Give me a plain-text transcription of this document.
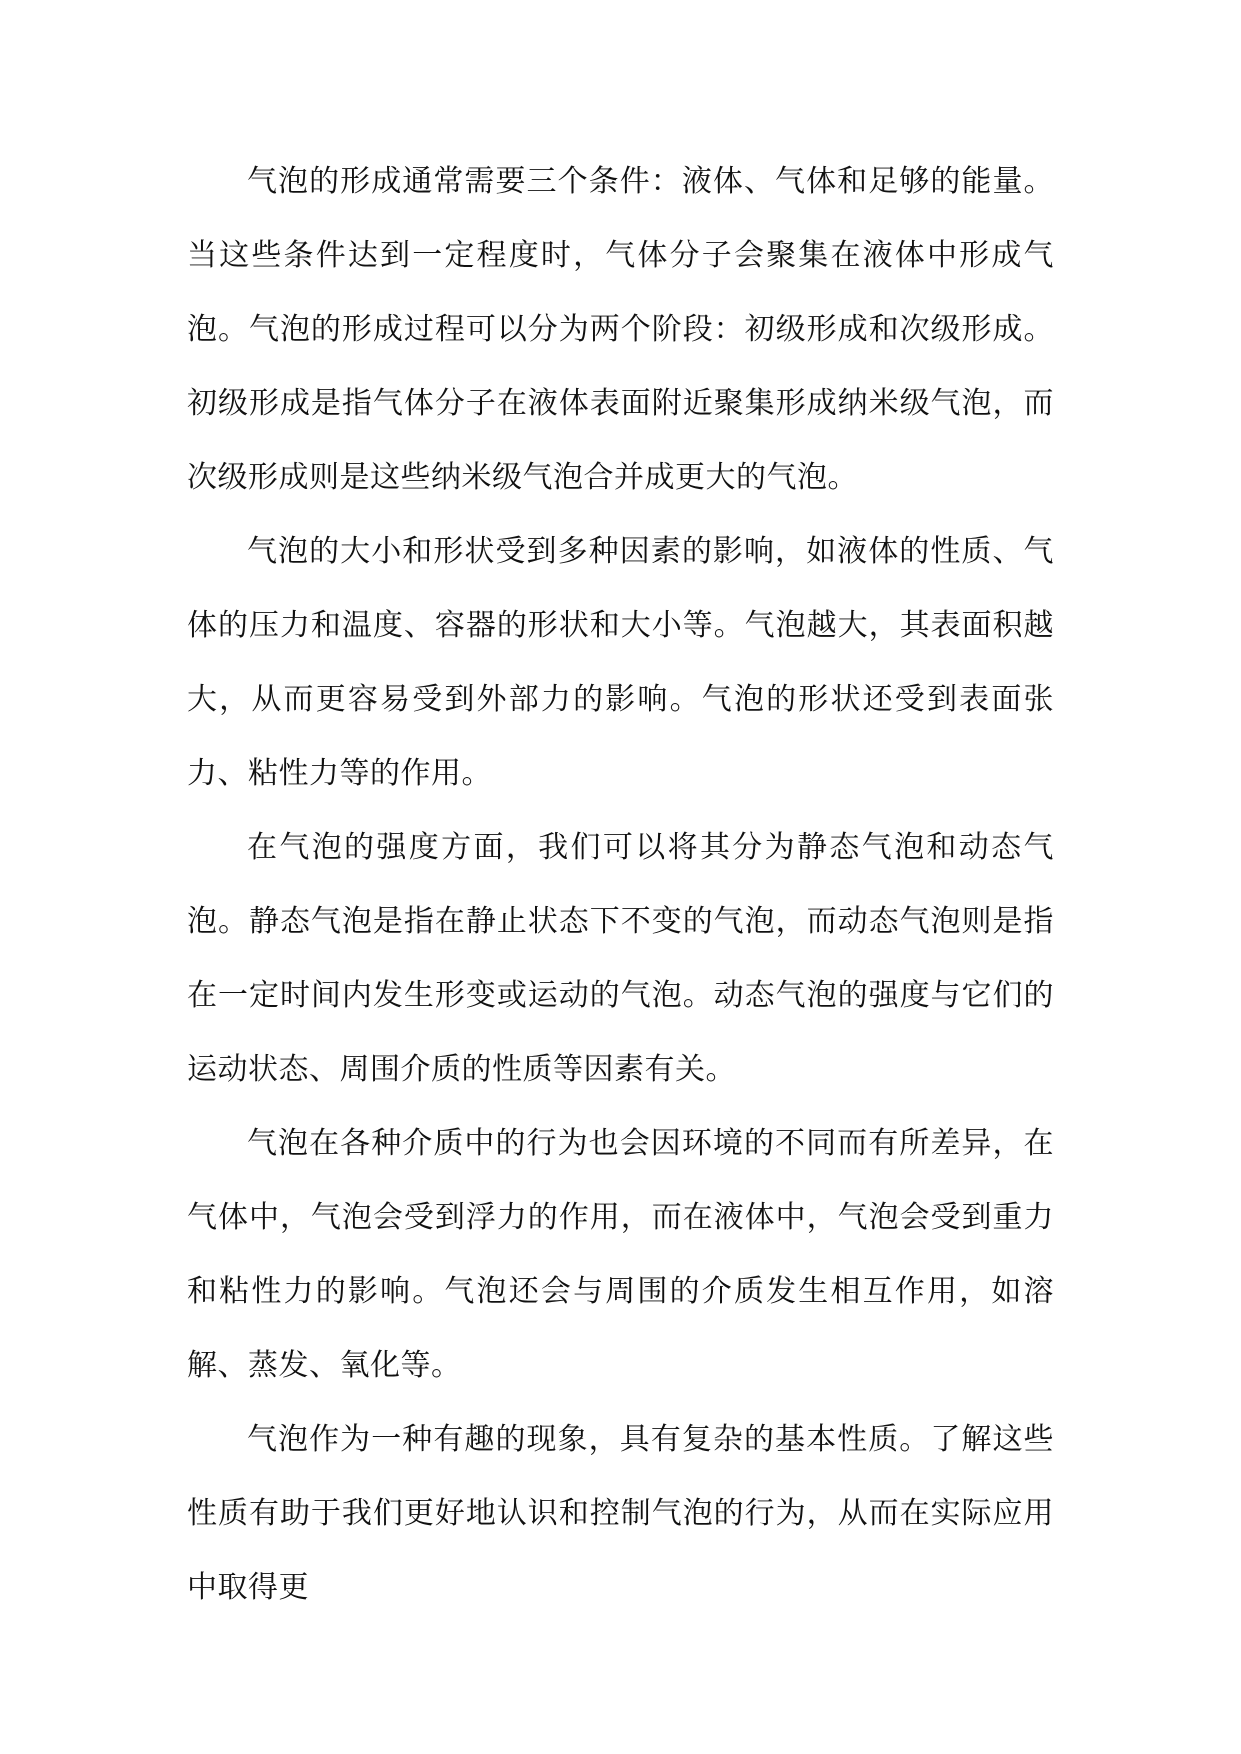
气泡的形成通常需要三个条件：液体、气体和足够的能量。当这些条件达到一定程度时，气体分子会聚集在液体中形成气泡。气泡的形成过程可以分为两个阶段：初级形成和次级形成。初级形成是指气体分子在液体表面附近聚集形成纳米级气泡，而次级形成则是这些纳米级气泡合并成更大的气泡。

气泡的大小和形状受到多种因素的影响，如液体的性质、气体的压力和温度、容器的形状和大小等。气泡越大，其表面积越大，从而更容易受到外部力的影响。气泡的形状还受到表面张力、粘性力等的作用。

在气泡的强度方面，我们可以将其分为静态气泡和动态气泡。静态气泡是指在静止状态下不变的气泡，而动态气泡则是指在一定时间内发生形变或运动的气泡。动态气泡的强度与它们的运动状态、周围介质的性质等因素有关。

气泡在各种介质中的行为也会因环境的不同而有所差异，在气体中，气泡会受到浮力的作用，而在液体中，气泡会受到重力和粘性力的影响。气泡还会与周围的介质发生相互作用，如溶解、蒸发、氧化等。

气泡作为一种有趣的现象，具有复杂的基本性质。了解这些性质有助于我们更好地认识和控制气泡的行为，从而在实际应用中取得更
